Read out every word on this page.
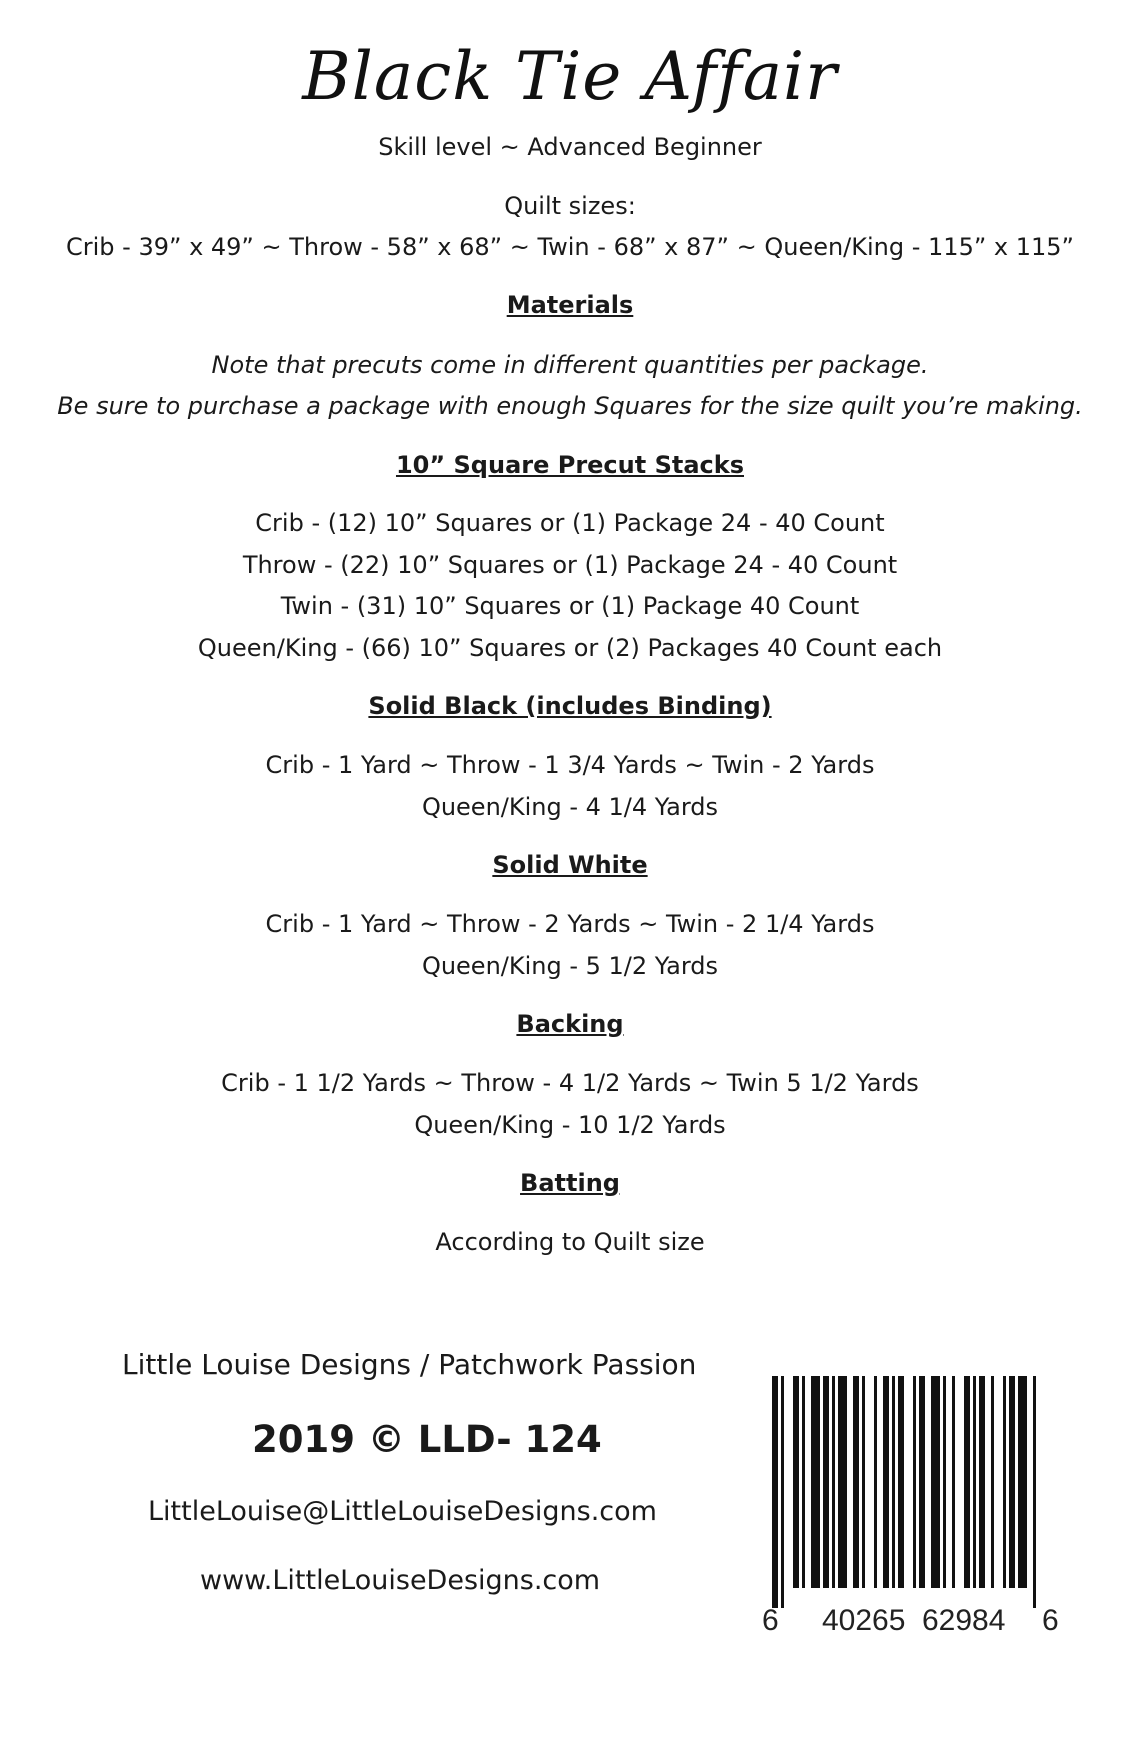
Black Tie Affair
Skill level ~ Advanced Beginner
Quilt sizes:
Crib - 39” x 49” ~ Throw - 58” x 68” ~ Twin - 68” x 87” ~ Queen/King - 115” x 115”
Materials
Note that precuts come in different quantities per package.
Be sure to purchase a package with enough Squares for the size quilt you’re making.
10” Square Precut Stacks
Crib - (12) 10” Squares or (1) Package 24 - 40 Count
Throw - (22) 10” Squares or (1) Package 24 - 40 Count
Twin - (31) 10” Squares or (1) Package 40 Count
Queen/King - (66) 10” Squares or (2) Packages 40 Count each
Solid Black (includes Binding)
Crib - 1 Yard ~ Throw - 1 3/4 Yards ~ Twin - 2 Yards
Queen/King - 4 1/4 Yards
Solid White
Crib - 1 Yard ~ Throw - 2 Yards ~ Twin - 2 1/4 Yards
Queen/King - 5 1/2 Yards
Backing
Crib - 1 1/2 Yards ~ Throw - 4 1/2 Yards ~ Twin 5 1/2 Yards
Queen/King - 10 1/2 Yards
Batting
According to Quilt size
Little Louise Designs / Patchwork Passion
2019 © LLD- 124
LittleLouise@LittleLouiseDesigns.com
www.LittleLouiseDesigns.com
6 40265 62984 6
